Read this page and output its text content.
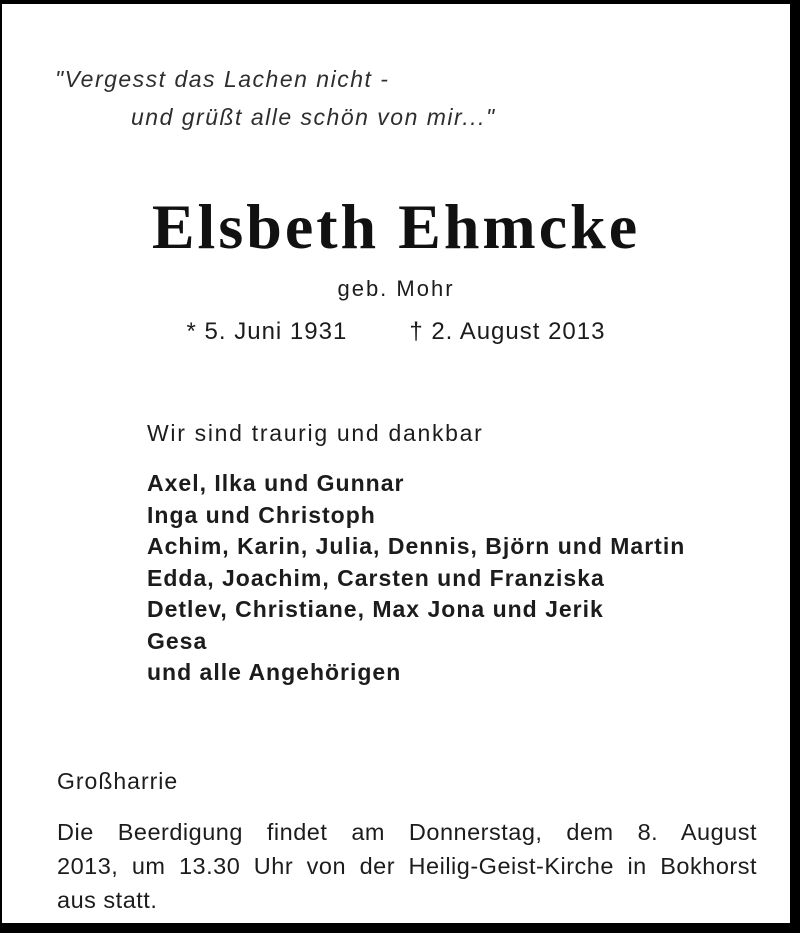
"Vergesst das Lachen nicht -
und grüßt alle schön von mir..."
Elsbeth Ehmcke
geb. Mohr
* 5. Juni 1931	† 2. August 2013
Wir sind traurig und dankbar
Axel, Ilka und Gunnar
Inga und Christoph
Achim, Karin, Julia, Dennis, Björn und Martin
Edda, Joachim, Carsten und Franziska
Detlev, Christiane, Max Jona und Jerik
Gesa
und alle Angehörigen
Großharrie
Die Beerdigung findet am Donnerstag, dem 8. August
2013, um 13.30 Uhr von der Heilig-Geist-Kirche in Bokhorst
aus statt.
